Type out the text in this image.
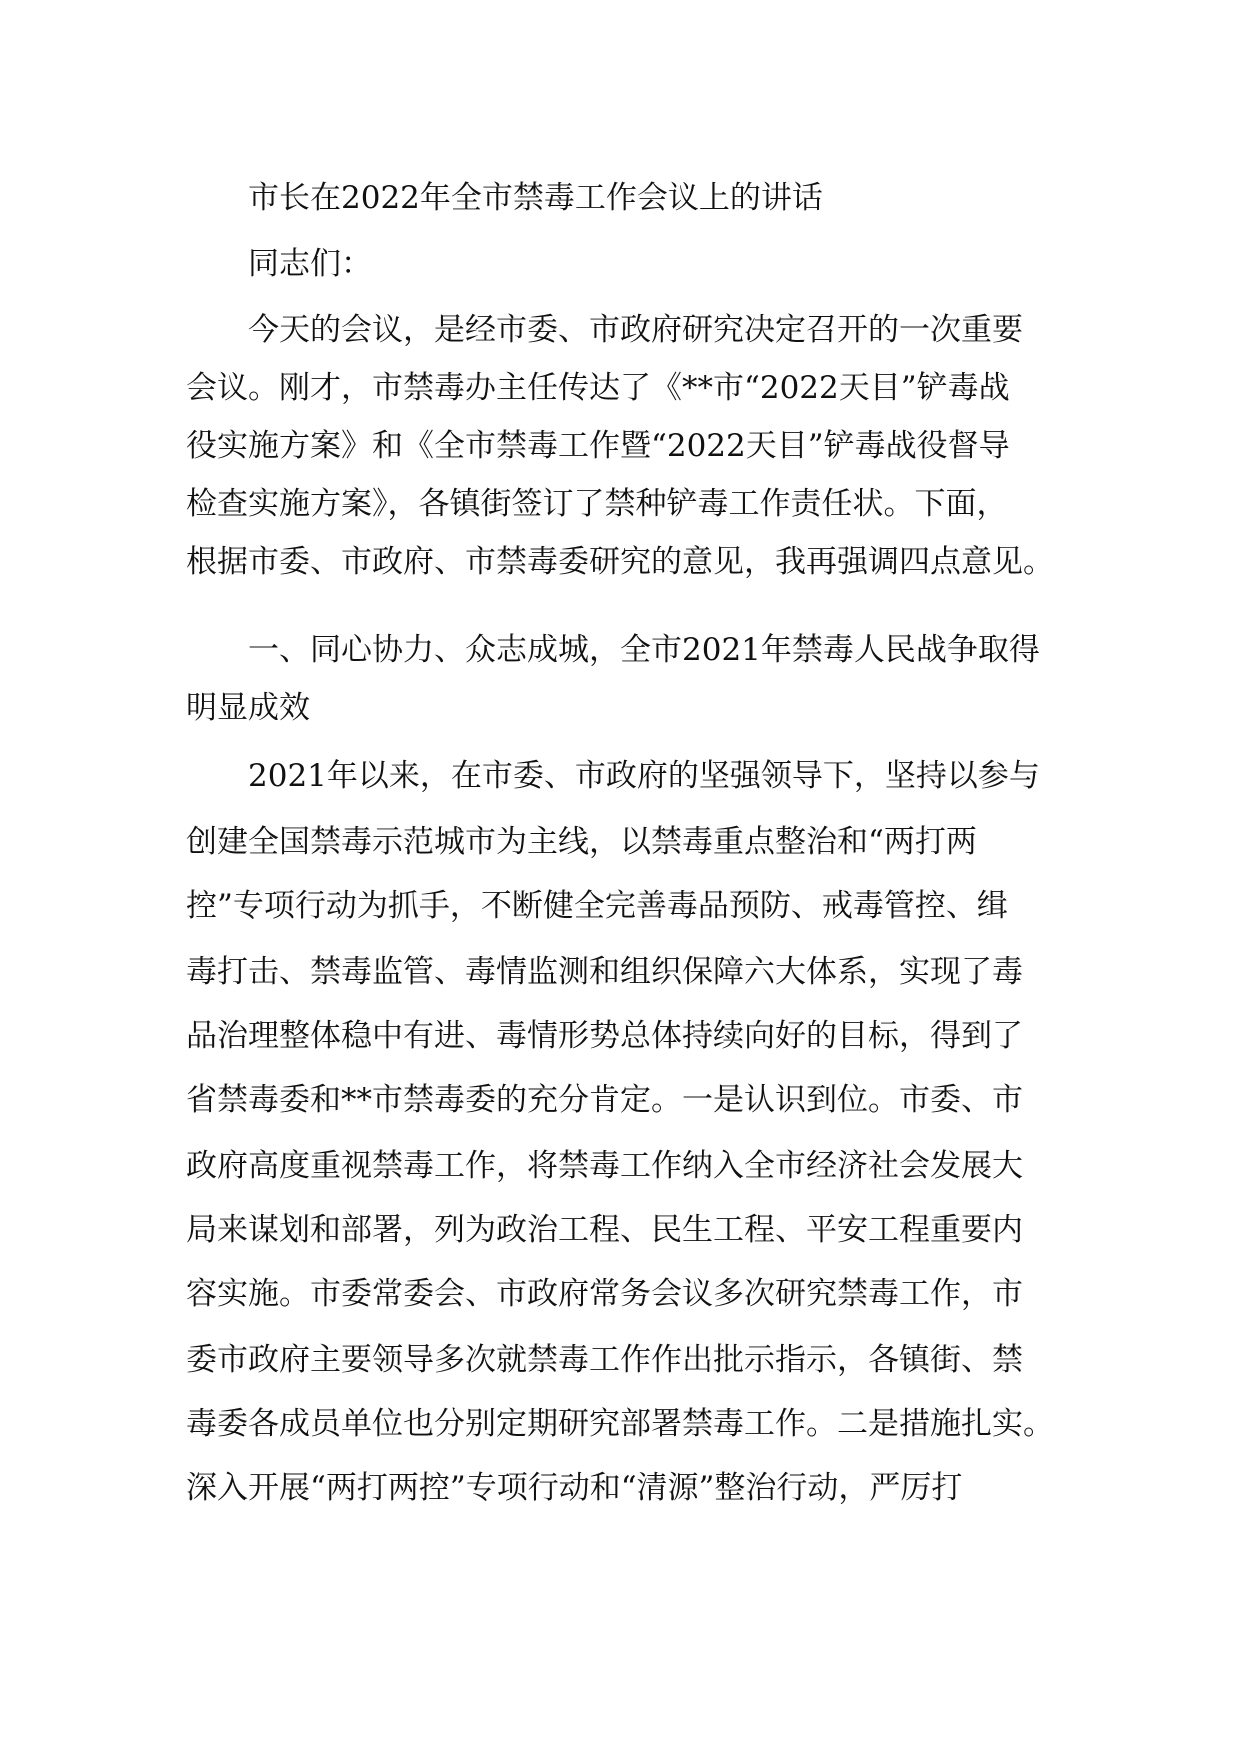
市长在2022年全市禁毒工作会议上的讲话
同志们：
今天的会议，是经市委、市政府研究决定召开的一次重要
会议。刚才，市禁毒办主任传达了《**市“2022天目”铲毒战
役实施方案》和《全市禁毒工作暨“2022天目”铲毒战役督导
检查实施方案》，各镇街签订了禁种铲毒工作责任状。下面，
根据市委、市政府、市禁毒委研究的意见，我再强调四点意见。
一、同心协力、众志成城，全市2021年禁毒人民战争取得
明显成效
2021年以来，在市委、市政府的坚强领导下，坚持以参与
创建全国禁毒示范城市为主线，以禁毒重点整治和“两打两
控”专项行动为抓手，不断健全完善毒品预防、戒毒管控、缉
毒打击、禁毒监管、毒情监测和组织保障六大体系，实现了毒
品治理整体稳中有进、毒情形势总体持续向好的目标，得到了
省禁毒委和**市禁毒委的充分肯定。一是认识到位。市委、市
政府高度重视禁毒工作，将禁毒工作纳入全市经济社会发展大
局来谋划和部署，列为政治工程、民生工程、平安工程重要内
容实施。市委常委会、市政府常务会议多次研究禁毒工作，市
委市政府主要领导多次就禁毒工作作出批示指示，各镇街、禁
毒委各成员单位也分别定期研究部署禁毒工作。二是措施扎实。
深入开展“两打两控”专项行动和“清源”整治行动，严厉打
